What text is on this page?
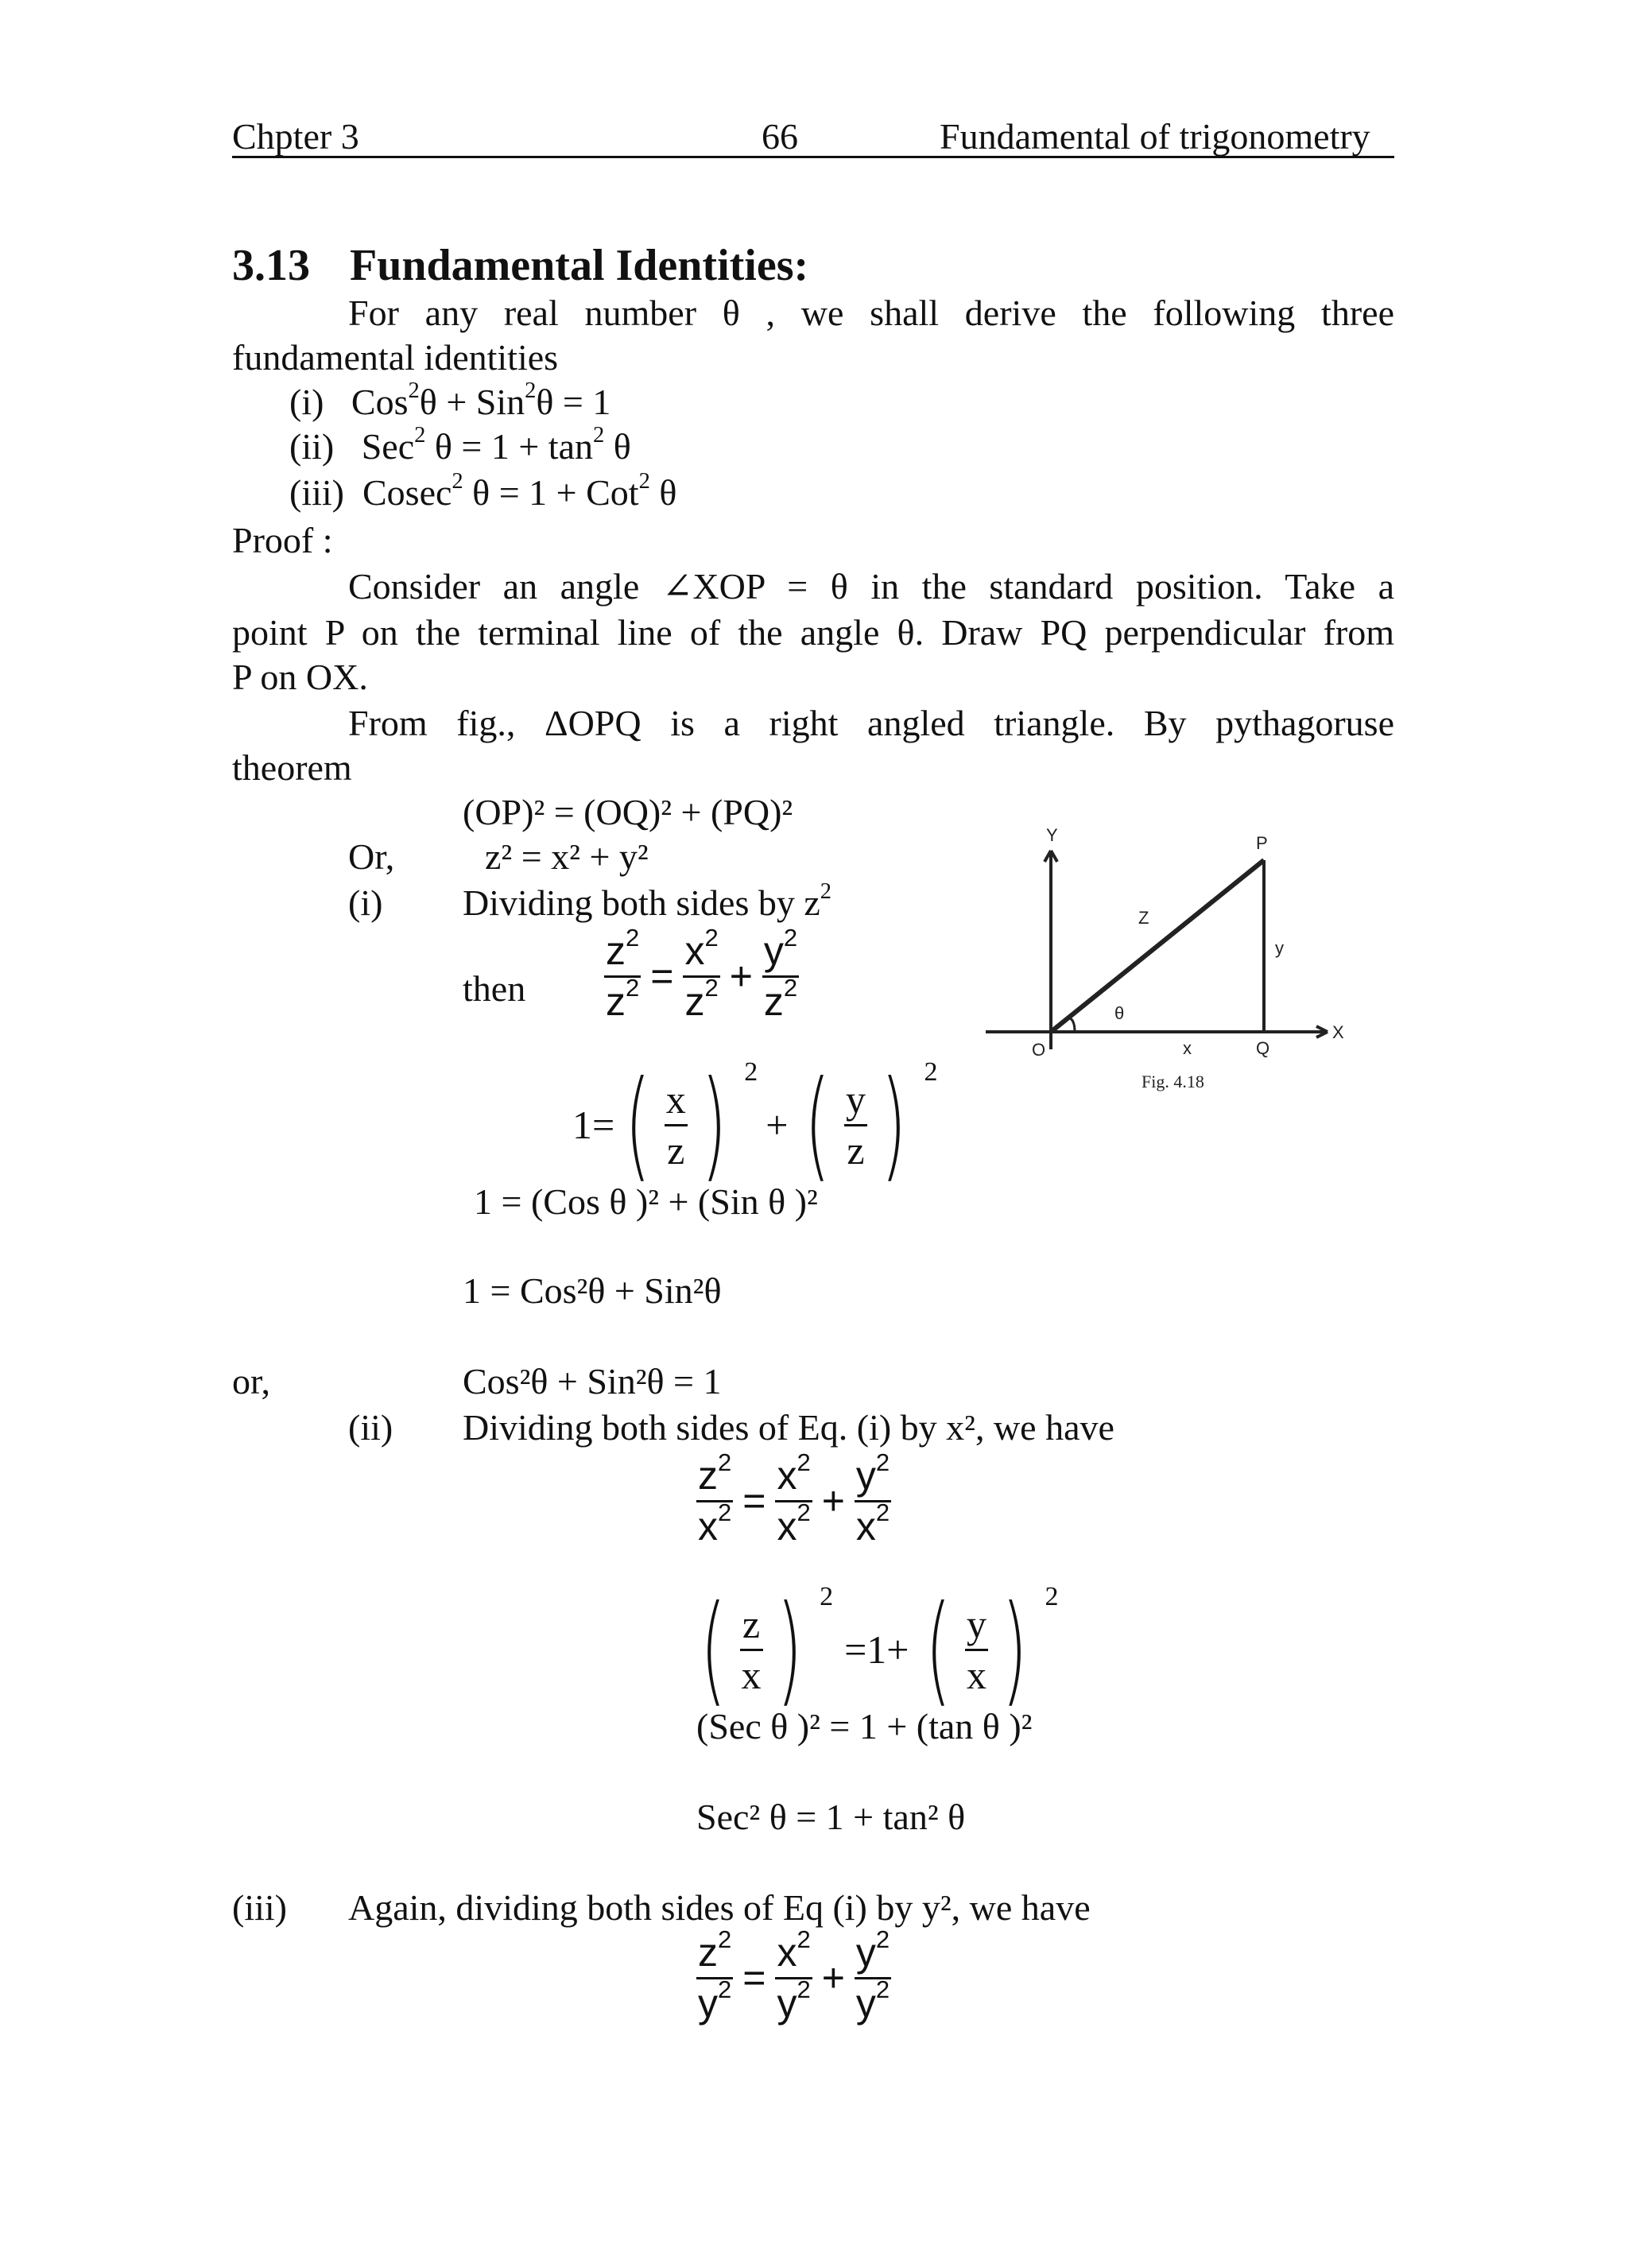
Chpter 3	66	Fundamental of trigonometry
3.13 Fundamental Identities:
For any real number θ , we shall derive the following three
fundamental identities
(i) Cos$^2$θ + Sin$^2$θ = 1
(ii) Sec$^2$ $\theta = 1 + \tan^2 \theta$
(iii) Cosec$^2$ θ = 1 + Cot$^2$ θ
Proof :
Consider an angle ∠XOP = θ in the standard position. Take a
point P on the terminal line of the angle θ. Draw PQ perpendicular from
P on OX.
From fig., ΔOPQ is a right angled triangle. By pythagoruse
theorem
(OP)² = (OQ)² + (PQ)²
Or, z² = x² + y²
(i) Dividing both sides by $z^2$
then $\frac{z^2}{z^2} = \frac{x^2}{z^2} + \frac{y^2}{z^2}$
1= ( $\frac{x}{z}$ ) 2
+ ( $\frac{y}{z}$ ) 2
1 = (Cos θ )² + (Sin θ )²
1 = Cos²θ + Sin²θ
or,	Cos²θ + Sin²θ = 1
(ii) Dividing both sides of Eq. (i) by x², we have
$\frac{z^2}{x^2} = \frac{x^2}{x^2} + \frac{y^2}{x^2}$
( $\frac{z}{x}$ ) 2
=1+ ( $\frac{y}{x}$ ) 2
(Sec θ )² = 1 + (tan θ )²
Sec² θ = 1 + tan² θ
(iii) Again, dividing both sides of Eq (i) by y², we have
$\frac{z^2}{y^2} = \frac{x^2}{y^2} + \frac{y^2}{y^2}$
Y
X
O
P
Q
Z
y
x
θ
Fig. 4.18
